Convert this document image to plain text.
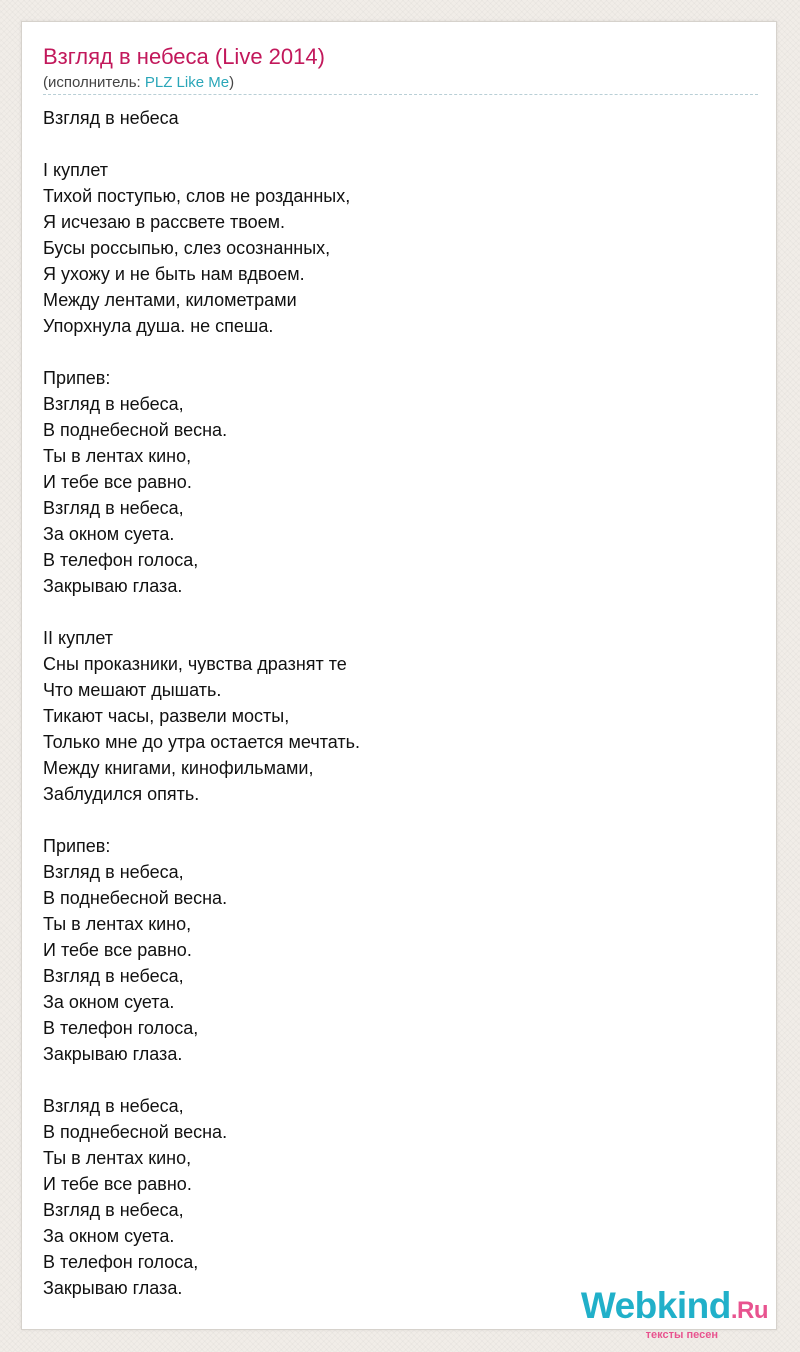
Взгляд в небеса (Live 2014)
(исполнитель: PLZ Like Me)
Взгляд в небеса
I куплет
Тихой поступью, слов не розданных,
Я исчезаю в рассвете твоем.
Бусы россыпью, слез осознанных,
Я ухожу и не быть нам вдвоем.
Между лентами, километрами
Упорхнула душа. не спеша.
Припев:
Взгляд в небеса,
В поднебесной весна.
Ты в лентах кино,
И тебе все равно.
Взгляд в небеса,
За окном суета.
В телефон голоса,
Закрываю глаза.
II куплет
Сны проказники, чувства дразнят те
Что мешают дышать.
Тикают часы, развели мосты,
Только мне до утра остается мечтать.
Между книгами, кинофильмами,
Заблудился опять.
Припев:
Взгляд в небеса,
В поднебесной весна.
Ты в лентах кино,
И тебе все равно.
Взгляд в небеса,
За окном суета.
В телефон голоса,
Закрываю глаза.
Взгляд в небеса,
В поднебесной весна.
Ты в лентах кино,
И тебе все равно.
Взгляд в небеса,
За окном суета.
В телефон голоса,
Закрываю глаза.	Webkind.Ru
тексты песен
